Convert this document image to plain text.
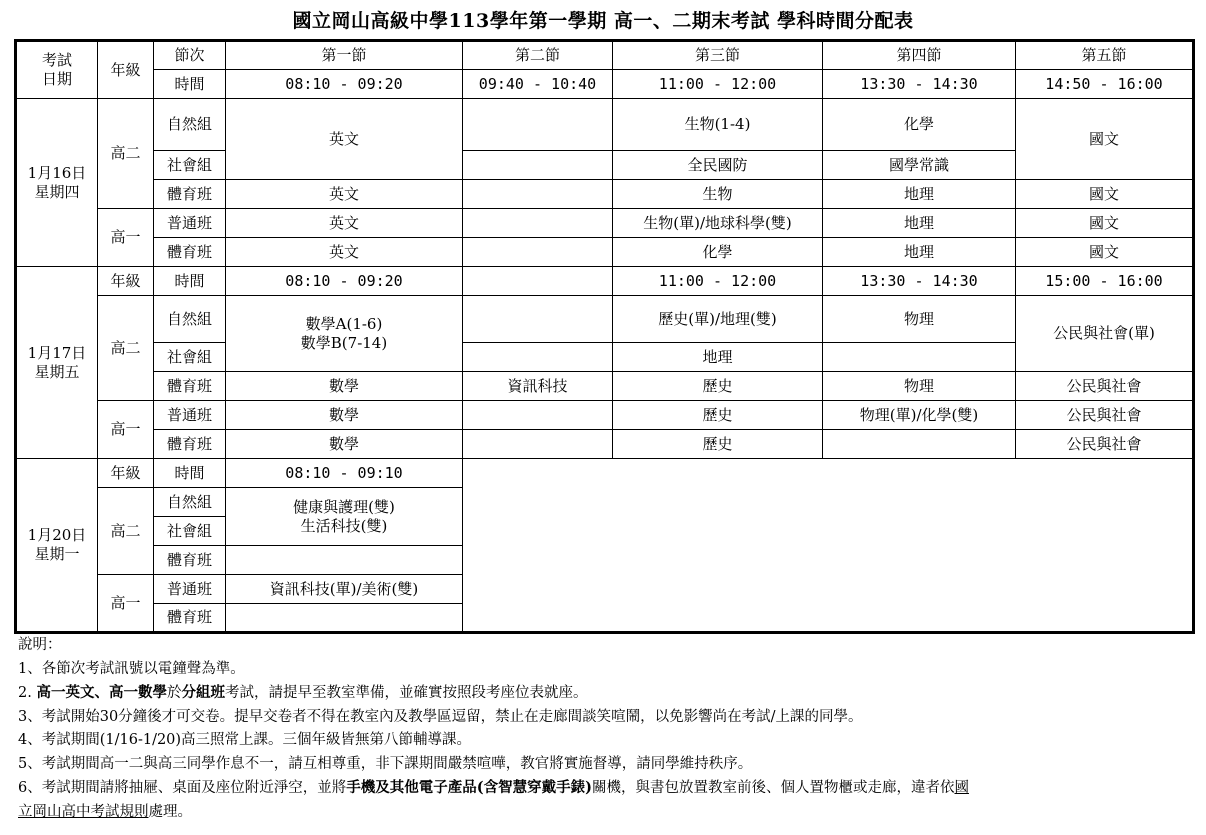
國立岡山高級中學113學年第一學期 高一、二期末考試 學科時間分配表
考試
日期	年級	節次	第一節	第二節	第三節	第四節	第五節
		時間	08:10 - 09:20	09:40 - 10:40	11:00 - 12:00	13:30 - 14:30	14:50 - 16:00

1月16日
星期四	高二	自然組	英文		生物(1-4)	化學	國文
		社會組			全民國防	國學常識	
		體育班	英文		生物	地理	國文
	高一	普通班	英文		生物(單)/地球科學(雙)	地理	國文
		體育班	英文		化學	地理	國文

1月17日
星期五	年級	時間	08:10 - 09:20		11:00 - 12:00	13:30 - 14:30	15:00 - 16:00
	高二	自然組	數學A(1-6)
數學B(7-14)		歷史(單)/地理(雙)	物理	公民與社會(單)
		社會組			地理		
		體育班	數學	資訊科技	歷史	物理	公民與社會
	高一	普通班	數學		歷史	物理(單)/化學(雙)	公民與社會
		體育班	數學		歷史		公民與社會

1月20日
星期一	年級	時間	08:10 - 09:10				
	高二	自然組	健康與護理(雙)
生活科技(雙)				

		社會組					
		體育班					
	高一	普通班	資訊科技(單)/美術(雙)				
		體育班					
說明：
1、各節次考試訊號以電鐘聲為準。
2. 高一英文、高一數學於分組班考試，請提早至教室準備，並確實按照段考座位表就座。
3、考試開始30分鐘後才可交卷。提早交卷者不得在教室內及教學區逗留，禁止在走廊間談笑喧鬧，以免影響尚在考試/上課的同學。
4、考試期間(1/16-1/20)高三照常上課。三個年級皆無第八節輔導課。
5、考試期間高一二與高三同學作息不一，請互相尊重，非下課期間嚴禁喧嘩，教官將實施督導，請同學維持秩序。
6、考試期間請將抽屜、桌面及座位附近淨空，並將手機及其他電子產品(含智慧穿戴手錶)關機，與書包放置教室前後、個人置物櫃或走廊，違者依國
立岡山高中考試規則處理。
